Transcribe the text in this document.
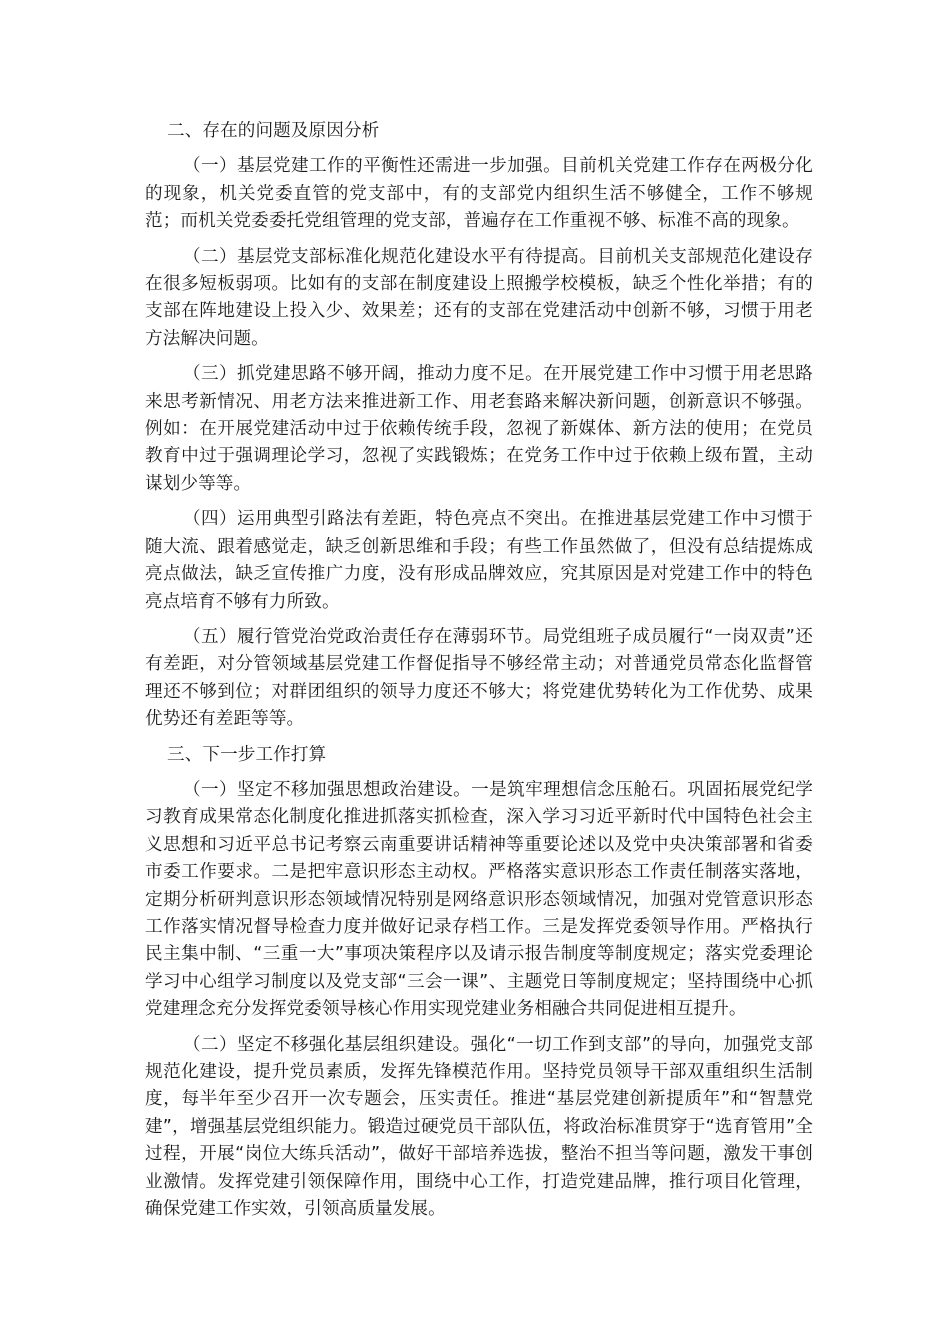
二、存在的问题及原因分析

（一）基层党建工作的平衡性还需进一步加强。目前机关党建工作存在两极分化的现象，机关党委直管的党支部中，有的支部党内组织生活不够健全，工作不够规范；而机关党委委托党组管理的党支部，普遍存在工作重视不够、标准不高的现象。

（二）基层党支部标准化规范化建设水平有待提高。目前机关支部规范化建设存在很多短板弱项。比如有的支部在制度建设上照搬学校模板，缺乏个性化举措；有的支部在阵地建设上投入少、效果差；还有的支部在党建活动中创新不够，习惯于用老方法解决问题。

（三）抓党建思路不够开阔，推动力度不足。在开展党建工作中习惯于用老思路来思考新情况、用老方法来推进新工作、用老套路来解决新问题，创新意识不够强。例如：在开展党建活动中过于依赖传统手段，忽视了新媒体、新方法的使用；在党员教育中过于强调理论学习，忽视了实践锻炼；在党务工作中过于依赖上级布置，主动谋划少等等。

（四）运用典型引路法有差距，特色亮点不突出。在推进基层党建工作中习惯于随大流、跟着感觉走，缺乏创新思维和手段；有些工作虽然做了，但没有总结提炼成亮点做法，缺乏宣传推广力度，没有形成品牌效应，究其原因是对党建工作中的特色亮点培育不够有力所致。

（五）履行管党治党政治责任存在薄弱环节。局党组班子成员履行“一岗双责”还有差距，对分管领域基层党建工作督促指导不够经常主动；对普通党员常态化监督管理还不够到位；对群团组织的领导力度还不够大；将党建优势转化为工作优势、成果优势还有差距等等。

三、下一步工作打算

（一）坚定不移加强思想政治建设。一是筑牢理想信念压舱石。巩固拓展党纪学习教育成果常态化制度化推进抓落实抓检查，深入学习习近平新时代中国特色社会主义思想和习近平总书记考察云南重要讲话精神等重要论述以及党中央决策部署和省委市委工作要求。二是把牢意识形态主动权。严格落实意识形态工作责任制落实落地，定期分析研判意识形态领域情况特别是网络意识形态领域情况，加强对党管意识形态工作落实情况督导检查力度并做好记录存档工作。三是发挥党委领导作用。严格执行民主集中制、“三重一大”事项决策程序以及请示报告制度等制度规定；落实党委理论学习中心组学习制度以及党支部“三会一课”、主题党日等制度规定；坚持围绕中心抓党建理念充分发挥党委领导核心作用实现党建业务相融合共同促进相互提升。

（二）坚定不移强化基层组织建设。强化“一切工作到支部”的导向，加强党支部规范化建设，提升党员素质，发挥先锋模范作用。坚持党员领导干部双重组织生活制度，每半年至少召开一次专题会，压实责任。推进“基层党建创新提质年”和“智慧党建”，增强基层党组织能力。锻造过硬党员干部队伍，将政治标准贯穿于“选育管用”全过程，开展“岗位大练兵活动”，做好干部培养选拔，整治不担当等问题，激发干事创业激情。发挥党建引领保障作用，围绕中心工作，打造党建品牌，推行项目化管理，确保党建工作实效，引领高质量发展。
